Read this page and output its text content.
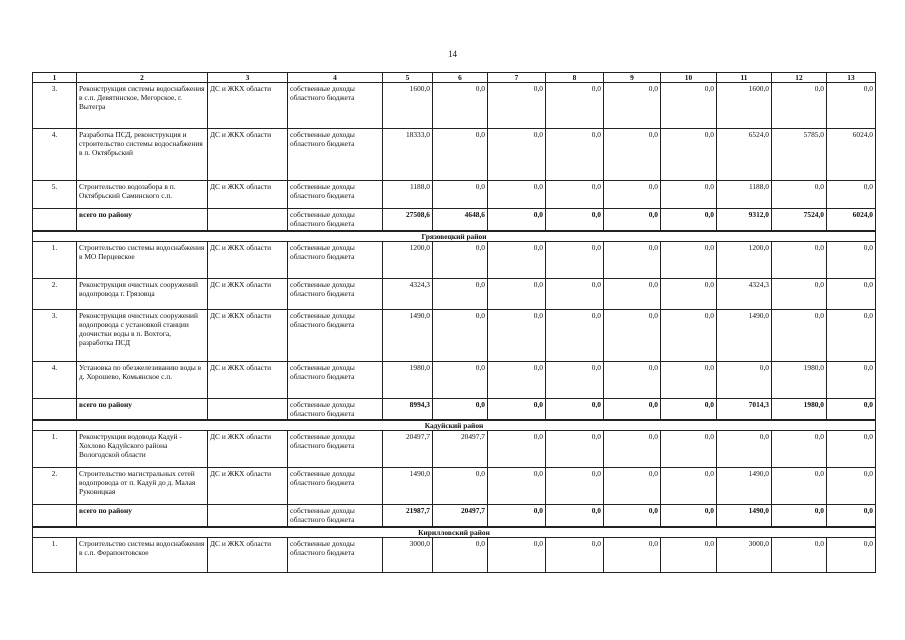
14
1	2	3	4	5	6	7	8	9	10	11	12	13
3.	Реконструкция системы водоснабжения в с.п. Девятинское, Мегорское, г. Вытегра	ДС и ЖКХ области	собственные доходы областного бюджета	1600,0	0,0	0,0	0,0	0,0	0,0	1600,0	0,0	0,0
4.	Разработка ПСД, реконструкция и строительство системы водоснабжения в п. Октябрьский	ДС и ЖКХ области	собственные доходы областного бюджета	18333,0	0,0	0,0	0,0	0,0	0,0	6524,0	5785,0	6024,0
5.	Строительство водозабора в п. Октябрьский Саминского с.п.	ДС и ЖКХ области	собственные доходы областного бюджета	1188,0	0,0	0,0	0,0	0,0	0,0	1188,0	0,0	0,0
	всего по району		собственные доходы областного бюджета	27508,6	4648,6	0,0	0,0	0,0	0,0	9312,0	7524,0	6024,0
Грязовецкий район												
1.	Строительство системы водоснабжения в МО Перцевское	ДС и ЖКХ области	собственные доходы областного бюджета	1200,0	0,0	0,0	0,0	0,0	0,0	1200,0	0,0	0,0
2.	Реконструкция очистных сооружений водопровода г. Грязовца	ДС и ЖКХ области	собственные доходы областного бюджета	4324,3	0,0	0,0	0,0	0,0	0,0	4324,3	0,0	0,0
3.	Реконструкция очистных сооружений водопровода с установкой станции доочистки воды в п. Вохтога, разработка ПСД	ДС и ЖКХ области	собственные доходы областного бюджета	1490,0	0,0	0,0	0,0	0,0	0,0	1490,0	0,0	0,0
4.	Установка по обезжелезиванию воды в д. Хорошево, Комьянское с.п.	ДС и ЖКХ области	собственные доходы областного бюджета	1980,0	0,0	0,0	0,0	0,0	0,0	0,0	1980,0	0,0
	всего по району		собственные доходы областного бюджета	8994,3	0,0	0,0	0,0	0,0	0,0	7014,3	1980,0	0,0
Кадуйский район												
1.	Реконструкция водовода Кадуй - Хохлово Кадуйского района Вологодской области	ДС и ЖКХ области	собственные доходы областного бюджета	20497,7	20497,7	0,0	0,0	0,0	0,0	0,0	0,0	0,0
2.	Строительство магистральных сетей водопровода от п. Кадуй до д. Малая Руковицкая	ДС и ЖКХ области	собственные доходы областного бюджета	1490,0	0,0	0,0	0,0	0,0	0,0	1490,0	0,0	0,0
	всего по району		собственные доходы областного бюджета	21987,7	20497,7	0,0	0,0	0,0	0,0	1490,0	0,0	0,0
Кирилловский район												
1.	Строительство системы водоснабжения в с.п. Ферапонтовское	ДС и ЖКХ области	собственные доходы областного бюджета	3000,0	0,0	0,0	0,0	0,0	0,0	3000,0	0,0	0,0
